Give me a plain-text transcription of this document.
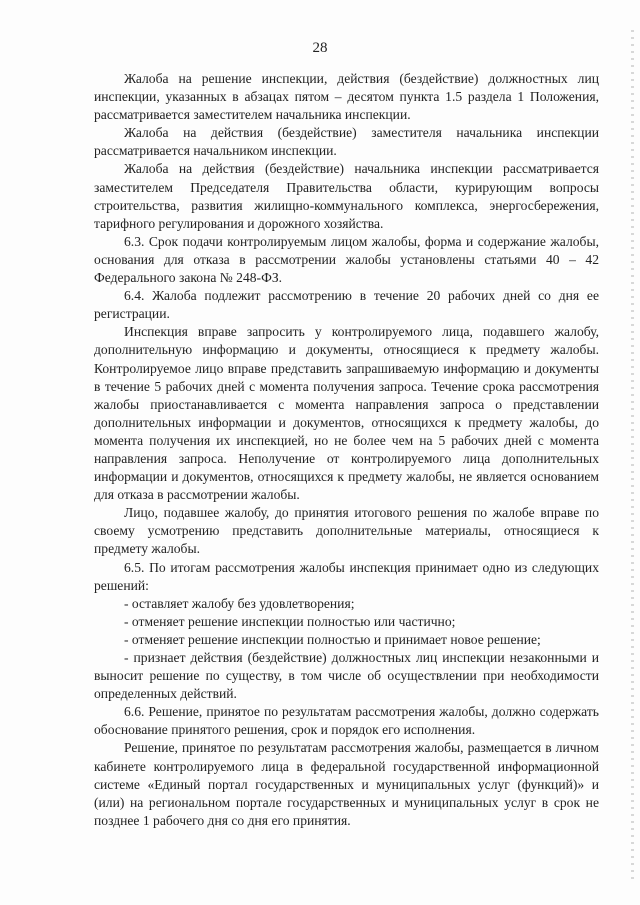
28

Жалоба на решение инспекции, действия (бездействие) должностных лиц инспекции, указанных в абзацах пятом – десятом пункта 1.5 раздела 1 Положения, рассматривается заместителем начальника инспекции.

Жалоба на действия (бездействие) заместителя начальника инспекции рассматривается начальником инспекции.

Жалоба на действия (бездействие) начальника инспекции рассматривается заместителем Председателя Правительства области, курирующим вопросы строительства, развития жилищно-коммунального комплекса, энергосбережения, тарифного регулирования и дорожного хозяйства.

6.3. Срок подачи контролируемым лицом жалобы, форма и содержание жалобы, основания для отказа в рассмотрении жалобы установлены статьями 40 – 42 Федерального закона № 248-ФЗ.

6.4. Жалоба подлежит рассмотрению в течение 20 рабочих дней со дня ее регистрации.

Инспекция вправе запросить у контролируемого лица, подавшего жалобу, дополнительную информацию и документы, относящиеся к предмету жалобы. Контролируемое лицо вправе представить запрашиваемую информацию и документы в течение 5 рабочих дней с момента получения запроса. Течение срока рассмотрения жалобы приостанавливается с момента направления запроса о представлении дополнительных информации и документов, относящихся к предмету жалобы, до момента получения их инспекцией, но не более чем на 5 рабочих дней с момента направления запроса. Неполучение от контролируемого лица дополнительных информации и документов, относящихся к предмету жалобы, не является основанием для отказа в рассмотрении жалобы.

Лицо, подавшее жалобу, до принятия итогового решения по жалобе вправе по своему усмотрению представить дополнительные материалы, относящиеся к предмету жалобы.

6.5. По итогам рассмотрения жалобы инспекция принимает одно из следующих решений:

- оставляет жалобу без удовлетворения;

- отменяет решение инспекции полностью или частично;

- отменяет решение инспекции полностью и принимает новое решение;

- признает действия (бездействие) должностных лиц инспекции незаконными и выносит решение по существу, в том числе об осуществлении при необходимости определенных действий.

6.6. Решение, принятое по результатам рассмотрения жалобы, должно содержать обоснование принятого решения, срок и порядок его исполнения.

Решение, принятое по результатам рассмотрения жалобы, размещается в личном кабинете контролируемого лица в федеральной государственной информационной системе «Единый портал государственных и муниципальных услуг (функций)» и (или) на региональном портале государственных и муниципальных услуг в срок не позднее 1 рабочего дня со дня его принятия.
